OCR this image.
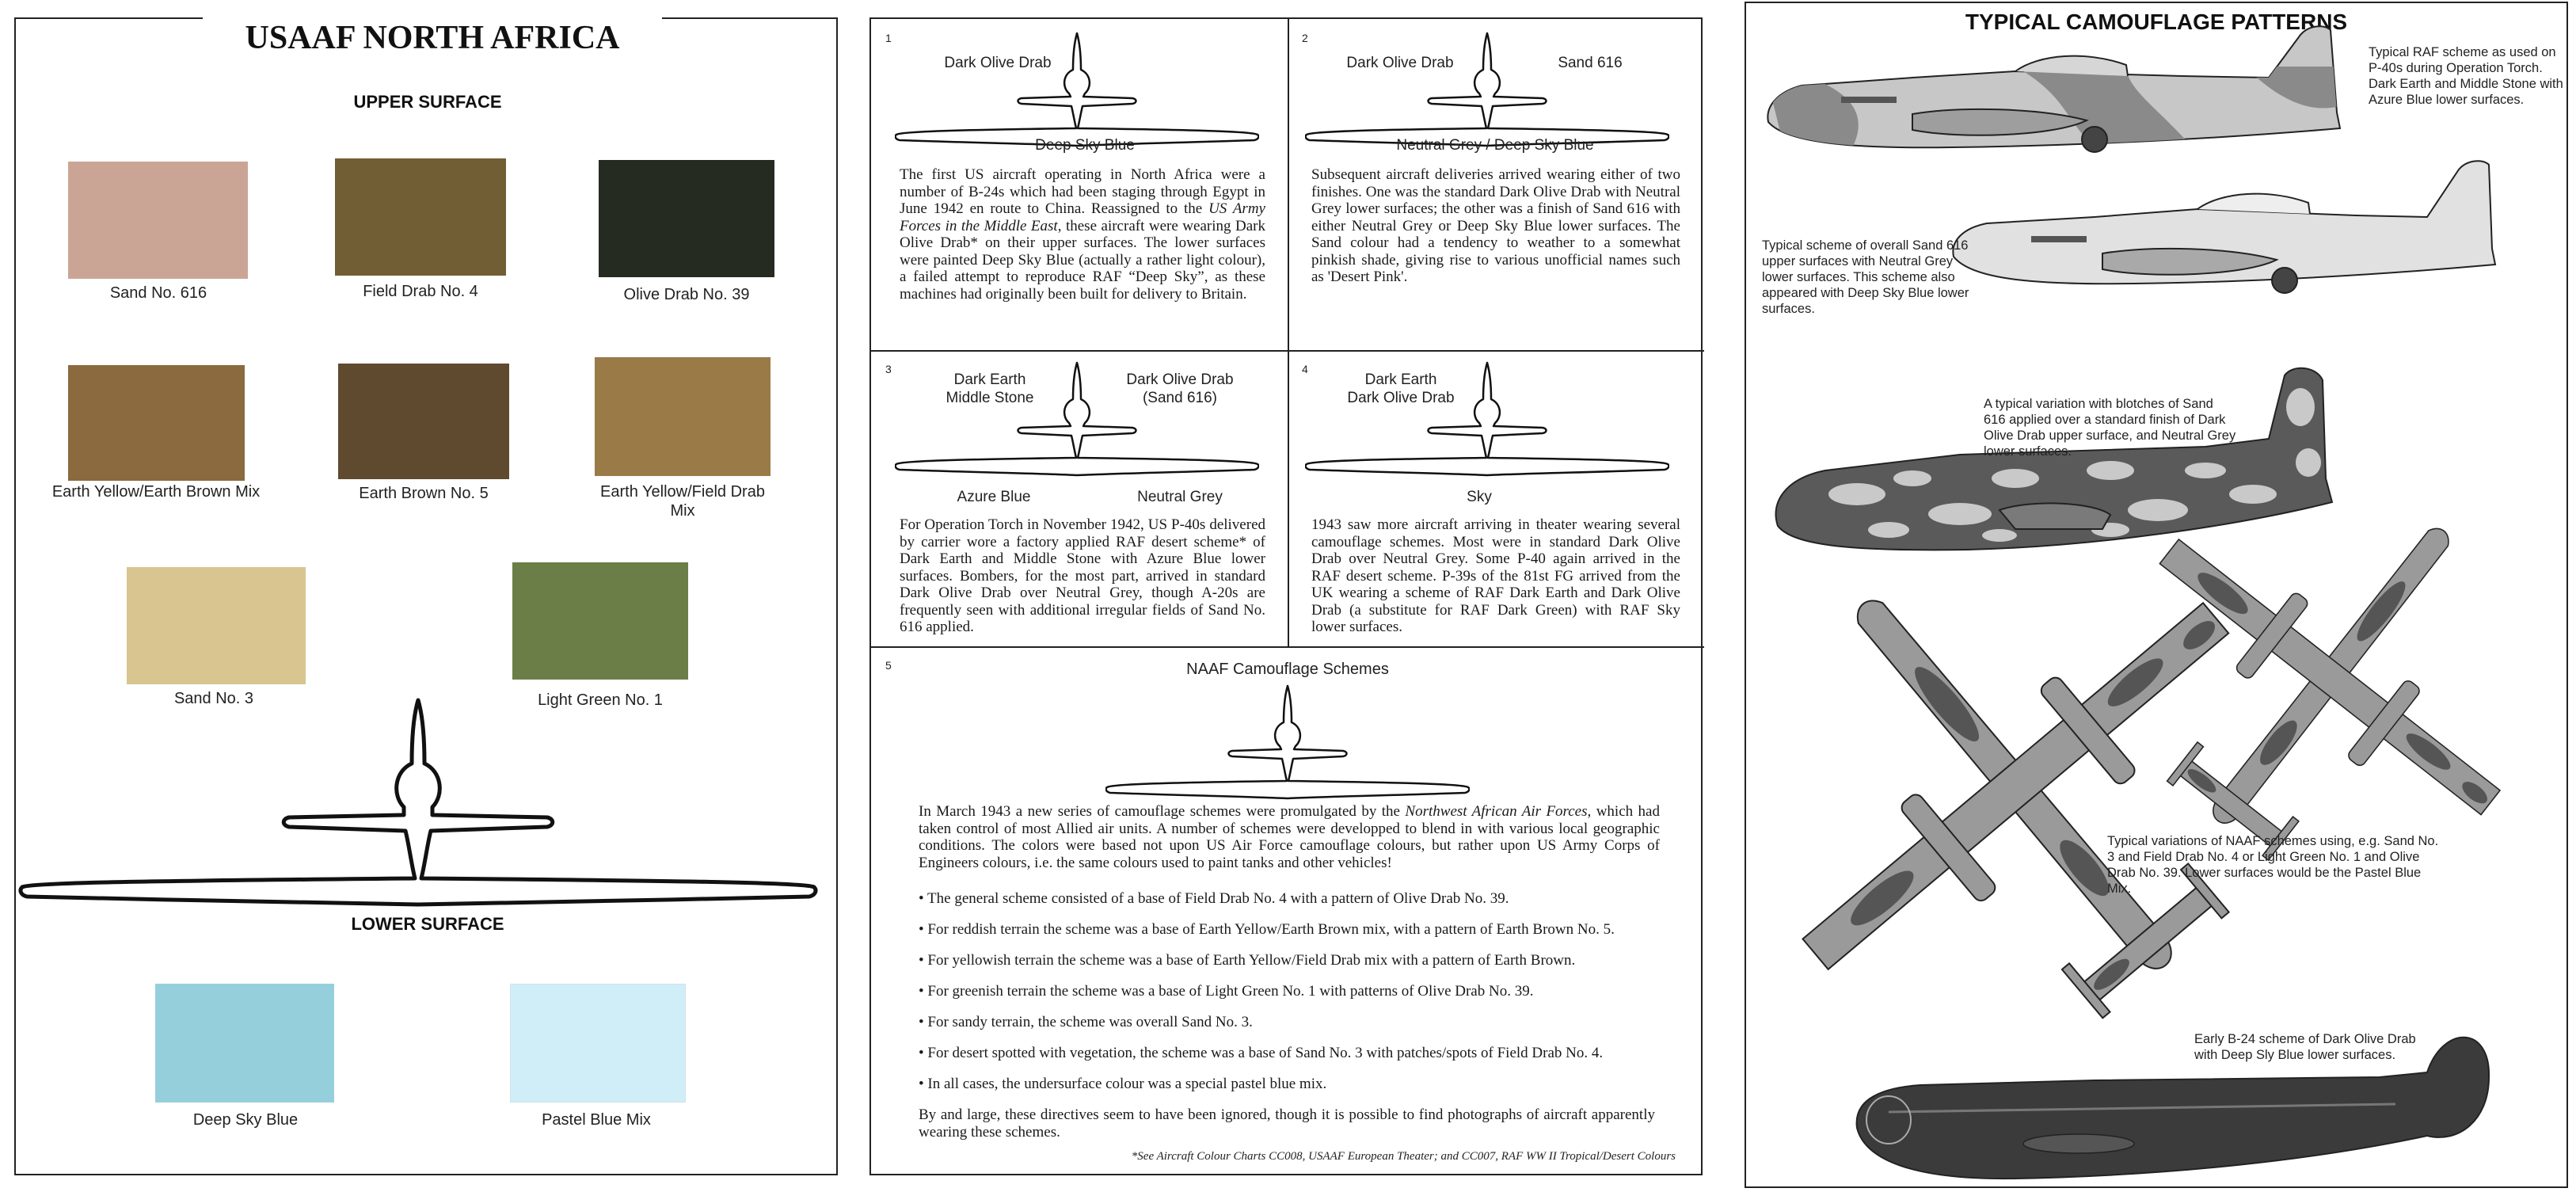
USAAF NORTH AFRICA
UPPER SURFACE
Sand No. 616	Field Drab No. 4	Olive Drab No. 39
Earth Yellow/Earth Brown Mix	Earth Brown No. 5	Earth Yellow/Field Drab Mix
Sand No. 3	Light Green No. 1
LOWER SURFACE
Deep Sky Blue	Pastel Blue Mix
1
Dark Olive Drab
Deep Sky Blue
The first US aircraft operating in North Africa were a number of B-24s which had been staging through Egypt in June 1942 en route to China. Reassigned to the US Army Forces in the Middle East, these aircraft were wearing Dark Olive Drab* on their upper surfaces. The lower surfaces were painted Deep Sky Blue (actually a rather light colour), a failed attempt to reproduce RAF “Deep Sky”, as these machines had originally been built for delivery to Britain.
2
Dark Olive Drab	Sand 616
Neutral Grey / Deep Sky Blue
Subsequent aircraft deliveries arrived wearing either of two finishes. One was the standard Dark Olive Drab with Neutral Grey lower surfaces; the other was a finish of Sand 616 with either Neutral Grey or Deep Sky Blue lower surfaces. The Sand colour had a tendency to weather to a somewhat pinkish shade, giving rise to various unofficial names such as 'Desert Pink'.
3
Dark Earth
Middle Stone
Dark Olive Drab
(Sand 616)
Azure Blue	Neutral Grey
For Operation Torch in November 1942, US P-40s delivered by carrier wore a factory applied RAF desert scheme* of Dark Earth and Middle Stone with Azure Blue lower surfaces. Bombers, for the most part, arrived in standard Dark Olive Drab over Neutral Grey, though A-20s are frequently seen with additional irregular fields of Sand No. 616 applied.
4
Dark Earth
Dark Olive Drab
Sky
1943 saw more aircraft arriving in theater wearing several camouflage schemes. Most were in standard Dark Olive Drab over Neutral Grey. Some P-40 again arrived in the RAF desert scheme. P-39s of the 81st FG arrived from the UK wearing a scheme of RAF Dark Earth and Dark Olive Drab (a substitute for RAF Dark Green) with RAF Sky lower surfaces.
5	NAAF Camouflage Schemes
In March 1943 a new series of camouflage schemes were promulgated by the Northwest African Air Forces, which had taken control of most Allied air units. A number of schemes were developped to blend in with various local geographic conditions. The colors were based not upon US Air Force camouflage colours, but rather upon US Army Corps of Engineers colours, i.e. the same colours used to paint tanks and other vehicles!
• The general scheme consisted of a base of Field Drab No. 4 with a pattern of Olive Drab No. 39.
• For reddish terrain the scheme was a base of Earth Yellow/Earth Brown mix, with a pattern of Earth Brown No. 5.
• For yellowish terrain the scheme was a base of Earth Yellow/Field Drab mix with a pattern of Earth Brown.
• For greenish terrain the scheme was a base of Light Green No. 1 with patterns of Olive Drab No. 39.
• For sandy terrain, the scheme was overall Sand No. 3.
• For desert spotted with vegetation, the scheme was a base of Sand No. 3 with patches/spots of Field Drab No. 4.
• In all cases, the undersurface colour was a special pastel blue mix.
By and large, these directives seem to have been ignored, though it is possible to find photographs of aircraft apparently wearing these schemes.
*See Aircraft Colour Charts CC008, USAAF European Theater; and CC007, RAF WW II Tropical/Desert Colours
TYPICAL CAMOUFLAGE PATTERNS
Typical RAF scheme as used on P-40s during Operation Torch. Dark Earth and Middle Stone with Azure Blue lower surfaces.
Typical scheme of overall Sand 616 upper surfaces with Neutral Grey lower surfaces. This scheme also appeared with Deep Sky Blue lower surfaces.
A typical variation with blotches of Sand 616 applied over a standard finish of Dark Olive Drab upper surface, and Neutral Grey lower surfaces.
Typical variations of NAAF schemes using, e.g. Sand No. 3 and Field Drab No. 4 or Light Green No. 1 and Olive Drab No. 39. Lower surfaces would be the Pastel Blue Mix.
Early B-24 scheme of Dark Olive Drab with Deep Sly Blue lower surfaces.
